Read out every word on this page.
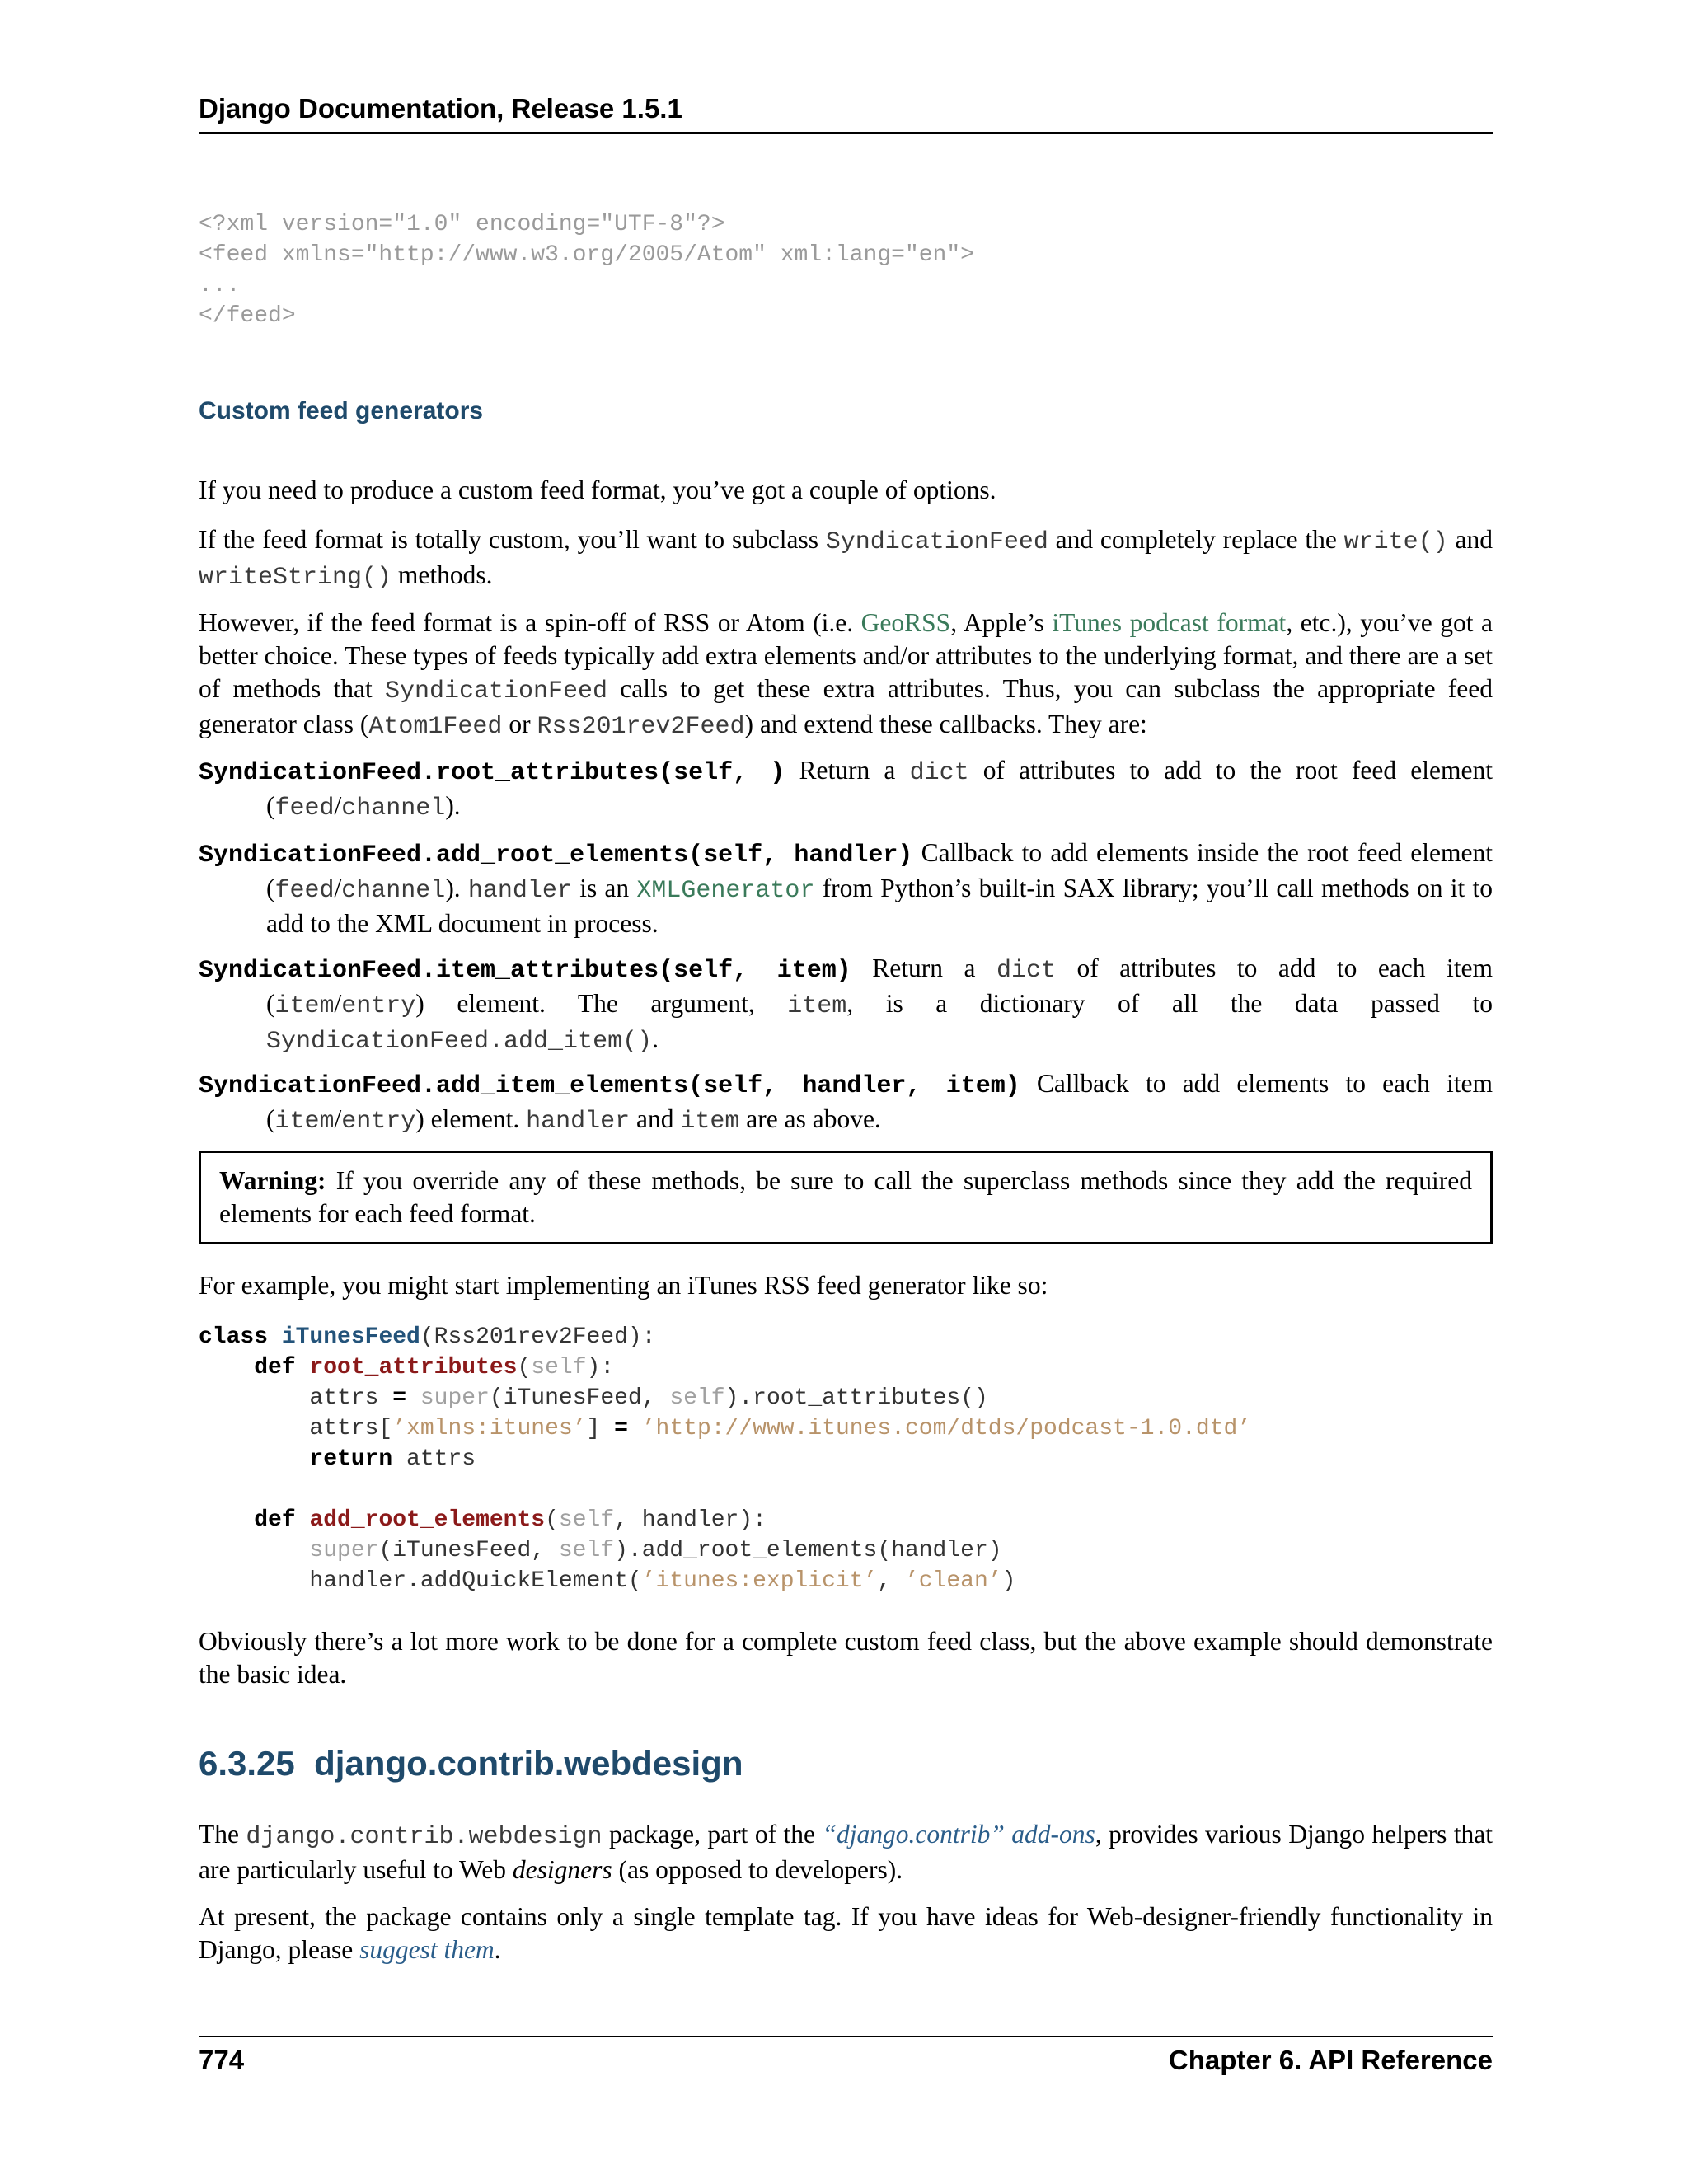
Django Documentation, Release 1.5.1
<?xml version="1.0" encoding="UTF-8"?>
<feed xmlns="http://www.w3.org/2005/Atom" xml:lang="en">
...
</feed>
Custom feed generators
If you need to produce a custom feed format, you’ve got a couple of options.
If the feed format is totally custom, you’ll want to subclass SyndicationFeed and completely replace the write() and writeString() methods.
However, if the feed format is a spin-off of RSS or Atom (i.e. GeoRSS, Apple’s iTunes podcast format, etc.), you’ve got a better choice. These types of feeds typically add extra elements and/or attributes to the underlying format, and there are a set of methods that SyndicationFeed calls to get these extra attributes. Thus, you can subclass the appropriate feed generator class (Atom1Feed or Rss201rev2Feed) and extend these callbacks. They are:
SyndicationFeed.root_attributes(self, ) Return a dict of attributes to add to the root feed element (feed/channel).
SyndicationFeed.add_root_elements(self, handler) Callback to add elements inside the root feed element (feed/channel). handler is an XMLGenerator from Python’s built-in SAX library; you’ll call methods on it to add to the XML document in process.
SyndicationFeed.item_attributes(self, item) Return a dict of attributes to add to each item (item/entry) element. The argument, item, is a dictionary of all the data passed to SyndicationFeed.add_item().
SyndicationFeed.add_item_elements(self, handler, item) Callback to add elements to each item (item/entry) element. handler and item are as above.
Warning: If you override any of these methods, be sure to call the superclass methods since they add the required elements for each feed format.
For example, you might start implementing an iTunes RSS feed generator like so:
class iTunesFeed(Rss201rev2Feed):
def root_attributes(self):
attrs = super(iTunesFeed, self).root_attributes()
attrs[’xmlns:itunes’] = ’http://www.itunes.com/dtds/podcast-1.0.dtd’
return attrs

def add_root_elements(self, handler):
super(iTunesFeed, self).add_root_elements(handler)
handler.addQuickElement(’itunes:explicit’, ’clean’)
Obviously there’s a lot more work to be done for a complete custom feed class, but the above example should demonstrate the basic idea.
6.3.25 django.contrib.webdesign
The django.contrib.webdesign package, part of the “django.contrib” add-ons, provides various Django helpers that are particularly useful to Web designers (as opposed to developers).
At present, the package contains only a single template tag. If you have ideas for Web-designer-friendly functionality in Django, please suggest them.
774	Chapter 6. API Reference
